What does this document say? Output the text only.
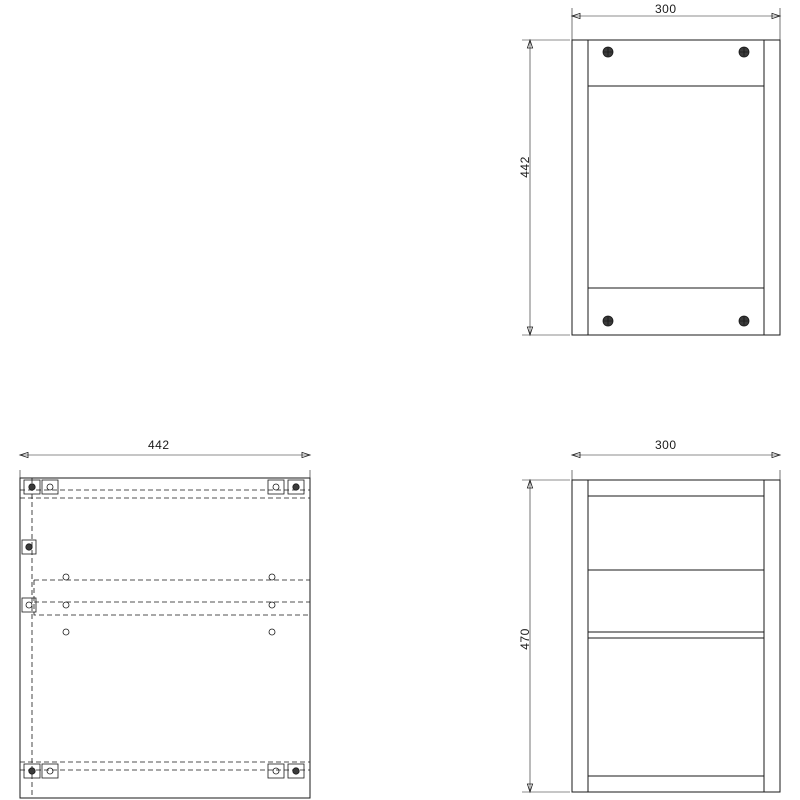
300
442
442	300
470
